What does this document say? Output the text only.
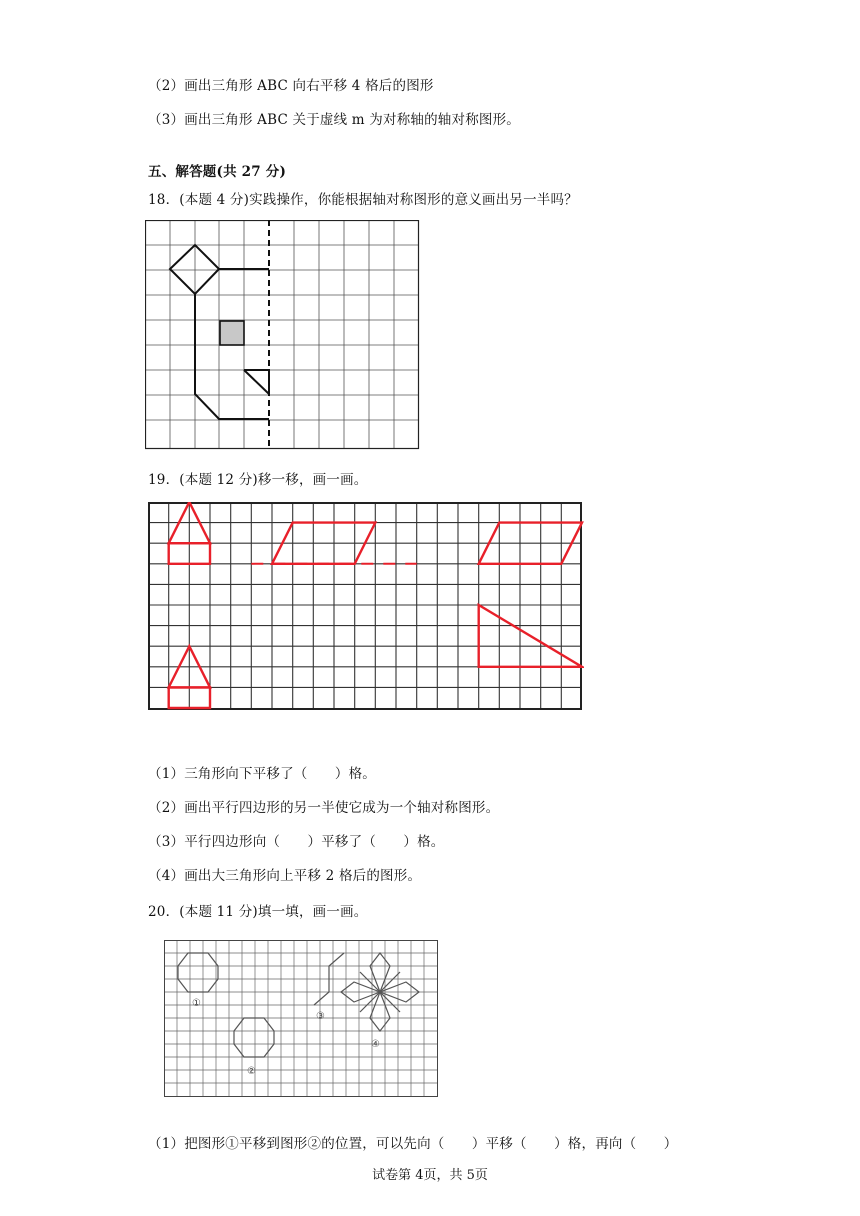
（2）画出三角形 ABC 向右平移 4 格后的图形
（3）画出三角形 ABC 关于虚线 m 为对称轴的轴对称图形。
五、解答题(共 27 分)
18．(本题 4 分)实践操作，你能根据轴对称图形的意义画出另一半吗？
19．(本题 12 分)移一移，画一画。
（1）三角形向下平移了（　　）格。
（2）画出平行四边形的另一半使它成为一个轴对称图形。
（3）平行四边形向（　　）平移了（　　）格。
（4）画出大三角形向上平移 2 格后的图形。
20．(本题 11 分)填一填，画一画。
①
②
③
④
（1）把图形①平移到图形②的位置，可以先向（　　）平移（　　）格，再向（　　）
试卷第 4页，共 5页
